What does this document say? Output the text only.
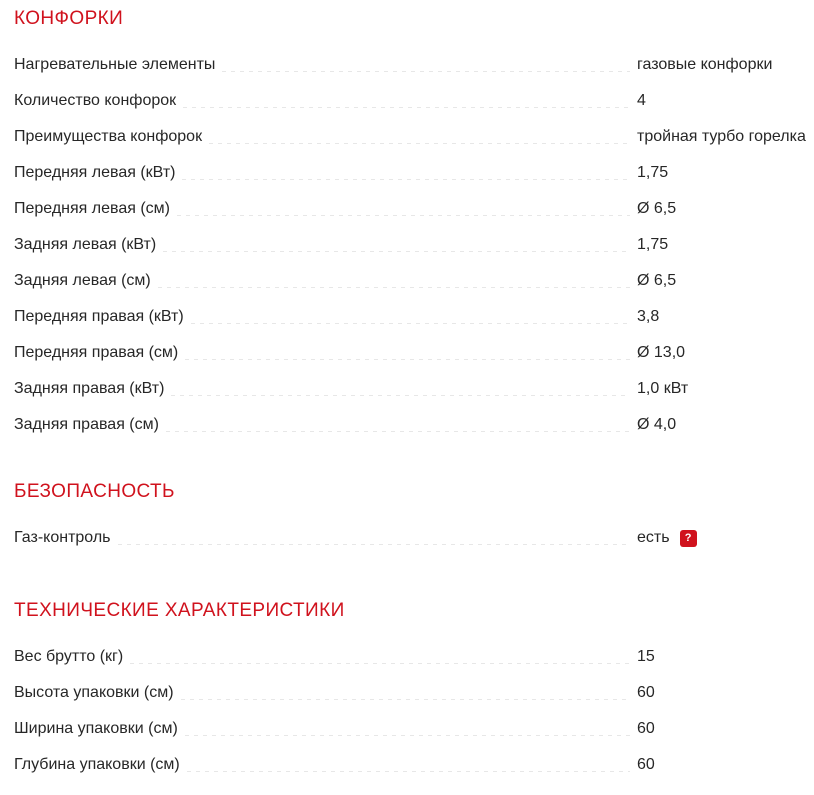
КОНФОРКИ
Нагревательные элементы	газовые конфорки
Количество конфорок	4
Преимущества конфорок	тройная турбо горелка
Передняя левая (кВт)	1,75
Передняя левая (см)	Ø 6,5
Задняя левая (кВт)	1,75
Задняя левая (см)	Ø 6,5
Передняя правая (кВт)	3,8
Передняя правая (см)	Ø 13,0
Задняя правая (кВт)	1,0 кВт
Задняя правая (см)	Ø 4,0
БЕЗОПАСНОСТЬ
Газ-контроль	есть	?
ТЕХНИЧЕСКИЕ ХАРАКТЕРИСТИКИ
Вес брутто (кг)	15
Высота упаковки (см)	60
Ширина упаковки (см)	60
Глубина упаковки (см)	60
